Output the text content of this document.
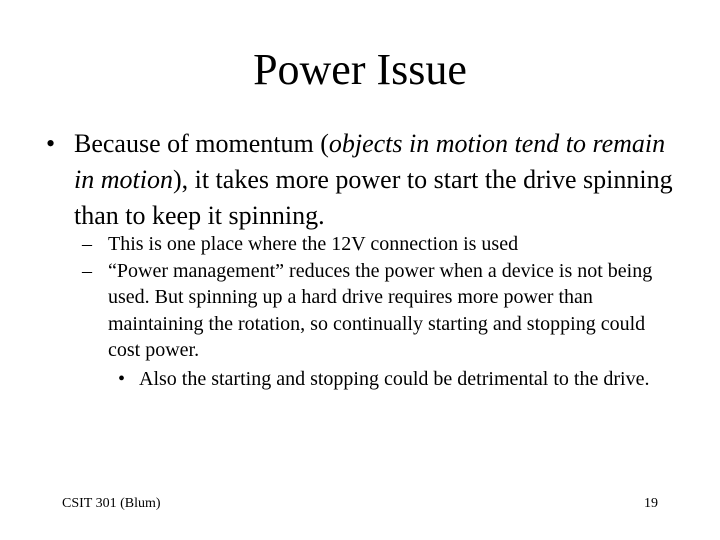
Power Issue
• Because of momentum (objects in motion tend to remain in motion), it takes more power to start the drive spinning than to keep it spinning.
– This is one place where the 12V connection is used
– “Power management” reduces the power when a device is not being used. But spinning up a hard drive requires more power than maintaining the rotation, so continually starting and stopping could cost power.
• Also the starting and stopping could be detrimental to the drive.
CSIT 301 (Blum)	19
